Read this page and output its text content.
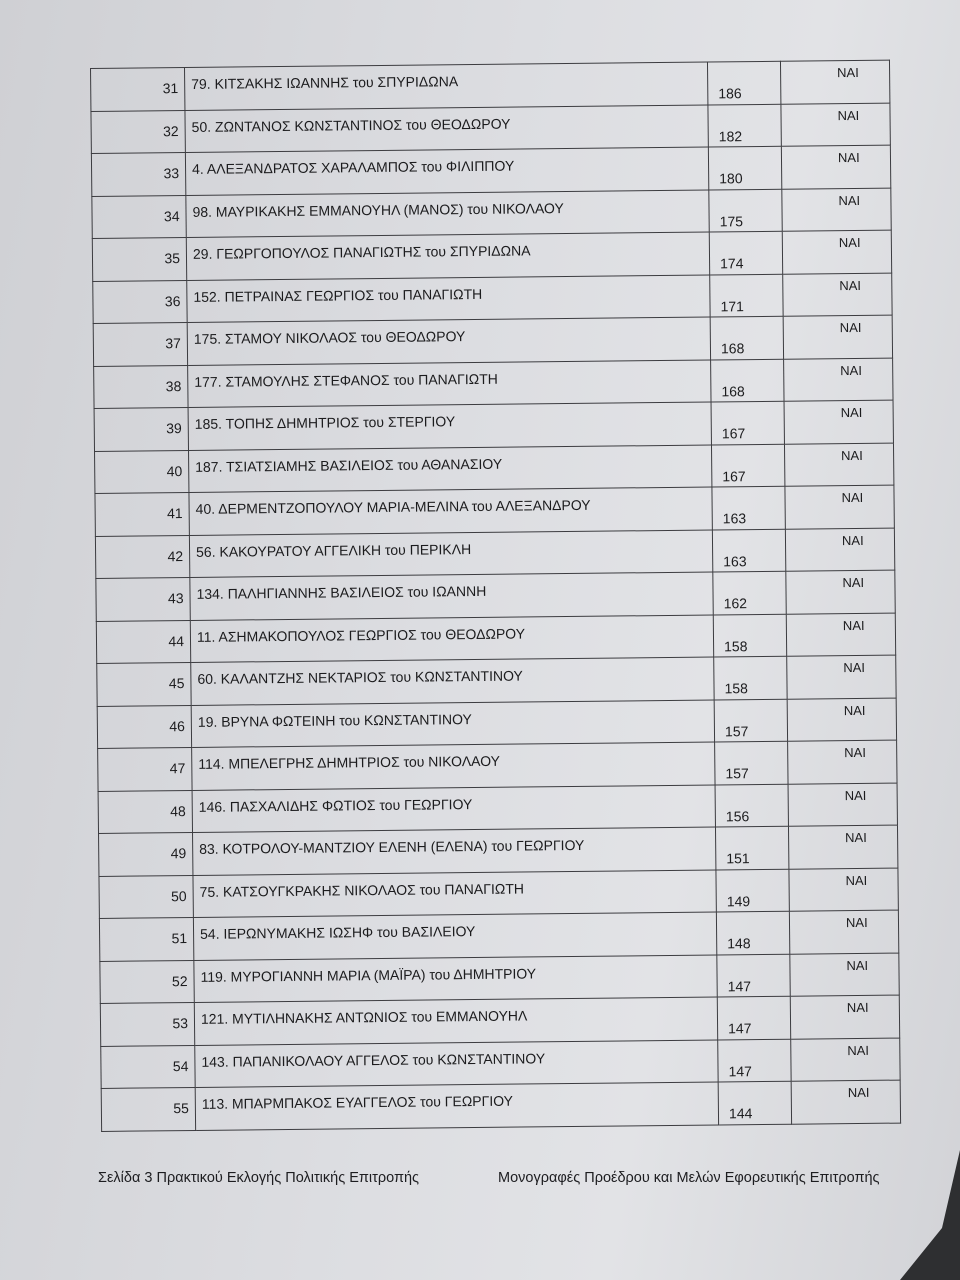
31	79. ΚΙΤΣΑΚΗΣ ΙΩΑΝΝΗΣ του ΣΠΥΡΙΔΩΝΑ	186	ΝΑΙ

32	50. ΖΩΝΤΑΝΟΣ ΚΩΝΣΤΑΝΤΙΝΟΣ του ΘΕΟΔΩΡΟΥ	182	ΝΑΙ

33	4. ΑΛΕΞΑΝΔΡΑΤΟΣ ΧΑΡΑΛΑΜΠΟΣ του ΦΙΛΙΠΠΟΥ	180	ΝΑΙ

34	98. ΜΑΥΡΙΚΑΚΗΣ ΕΜΜΑΝΟΥΗΛ (ΜΑΝΟΣ) του ΝΙΚΟΛΑΟΥ	175	ΝΑΙ

35	29. ΓΕΩΡΓΟΠΟΥΛΟΣ ΠΑΝΑΓΙΩΤΗΣ του ΣΠΥΡΙΔΩΝΑ	174	ΝΑΙ

36	152. ΠΕΤΡΑΙΝΑΣ ΓΕΩΡΓΙΟΣ του ΠΑΝΑΓΙΩΤΗ	171	ΝΑΙ

37	175. ΣΤΑΜΟΥ ΝΙΚΟΛΑΟΣ του ΘΕΟΔΩΡΟΥ	168	ΝΑΙ

38	177. ΣΤΑΜΟΥΛΗΣ ΣΤΕΦΑΝΟΣ του ΠΑΝΑΓΙΩΤΗ	168	ΝΑΙ

39	185. ΤΟΠΗΣ ΔΗΜΗΤΡΙΟΣ του ΣΤΕΡΓΙΟΥ	167	ΝΑΙ

40	187. ΤΣΙΑΤΣΙΑΜΗΣ ΒΑΣΙΛΕΙΟΣ του ΑΘΑΝΑΣΙΟΥ	167	ΝΑΙ

41	40. ΔΕΡΜΕΝΤΖΟΠΟΥΛΟΥ ΜΑΡΙΑ-ΜΕΛΙΝΑ του ΑΛΕΞΑΝΔΡΟΥ	163	ΝΑΙ

42	56. ΚΑΚΟΥΡΑΤΟΥ ΑΓΓΕΛΙΚΗ του ΠΕΡΙΚΛΗ	163	ΝΑΙ

43	134. ΠΑΛΗΓΙΑΝΝΗΣ ΒΑΣΙΛΕΙΟΣ του ΙΩΑΝΝΗ	162	ΝΑΙ

44	11. ΑΣΗΜΑΚΟΠΟΥΛΟΣ ΓΕΩΡΓΙΟΣ του ΘΕΟΔΩΡΟΥ	158	ΝΑΙ

45	60. ΚΑΛΑΝΤΖΗΣ ΝΕΚΤΑΡΙΟΣ του ΚΩΝΣΤΑΝΤΙΝΟΥ	158	ΝΑΙ

46	19. ΒΡΥΝΑ ΦΩΤΕΙΝΗ του ΚΩΝΣΤΑΝΤΙΝΟΥ	157	ΝΑΙ

47	114. ΜΠΕΛΕΓΡΗΣ ΔΗΜΗΤΡΙΟΣ του ΝΙΚΟΛΑΟΥ	157	ΝΑΙ

48	146. ΠΑΣΧΑΛΙΔΗΣ ΦΩΤΙΟΣ του ΓΕΩΡΓΙΟΥ	156	ΝΑΙ

49	83. ΚΟΤΡΟΛΟΥ-ΜΑΝΤΖΙΟΥ ΕΛΕΝΗ (ΕΛΕΝΑ) του ΓΕΩΡΓΙΟΥ	151	ΝΑΙ

50	75. ΚΑΤΣΟΥΓΚΡΑΚΗΣ ΝΙΚΟΛΑΟΣ του ΠΑΝΑΓΙΩΤΗ	149	ΝΑΙ

51	54. ΙΕΡΩΝΥΜΑΚΗΣ ΙΩΣΗΦ του ΒΑΣΙΛΕΙΟΥ	148	ΝΑΙ

52	119. ΜΥΡΟΓΙΑΝΝΗ ΜΑΡΙΑ (ΜΑΪΡΑ) του ΔΗΜΗΤΡΙΟΥ	147	ΝΑΙ

53	121. ΜΥΤΙΛΗΝΑΚΗΣ ΑΝΤΩΝΙΟΣ του ΕΜΜΑΝΟΥΗΛ	147	ΝΑΙ

54	143. ΠΑΠΑΝΙΚΟΛΑΟΥ ΑΓΓΕΛΟΣ του ΚΩΝΣΤΑΝΤΙΝΟΥ	147	ΝΑΙ

55	113. ΜΠΑΡΜΠΑΚΟΣ ΕΥΑΓΓΕΛΟΣ του ΓΕΩΡΓΙΟΥ	144	ΝΑΙ
Σελίδα 3 Πρακτικού Εκλογής Πολιτικής Επιτροπής	Μονογραφές Προέδρου και Μελών Εφορευτικής Επιτροπής
